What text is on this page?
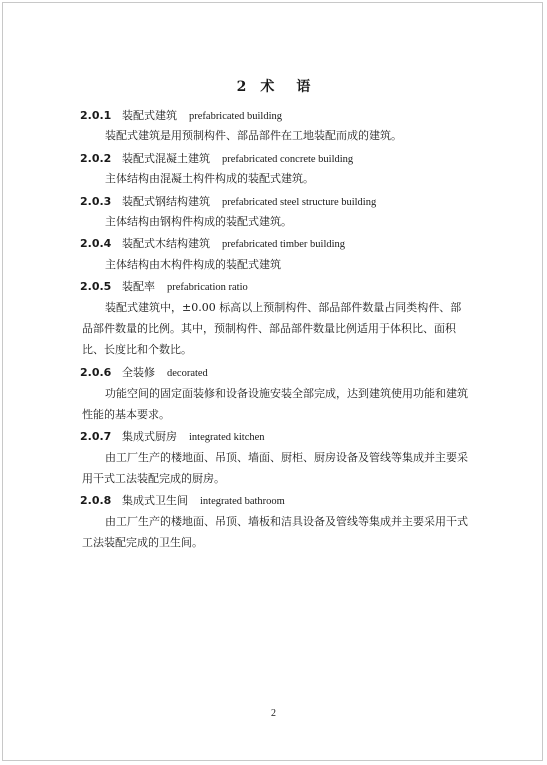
2 术 语
2.0.1 装配式建筑 prefabricated building
装配式建筑是用预制构件、部品部件在工地装配而成的建筑。
2.0.2 装配式混凝土建筑 prefabricated concrete building
主体结构由混凝土构件构成的装配式建筑。
2.0.3 装配式钢结构建筑 prefabricated steel structure building
主体结构由钢构件构成的装配式建筑。
2.0.4 装配式木结构建筑 prefabricated timber building
主体结构由木构件构成的装配式建筑
2.0.5 装配率 prefabrication ratio
装配式建筑中，±0.00 标高以上预制构件、部品部件数量占同类构件、部品部件数量的比例。其中，预制构件、部品部件数量比例适用于体积比、面积比、长度比和个数比。
2.0.6 全装修 decorated
功能空间的固定面装修和设备设施安装全部完成，达到建筑使用功能和建筑性能的基本要求。
2.0.7 集成式厨房 integrated kitchen
由工厂生产的楼地面、吊顶、墙面、厨柜、厨房设备及管线等集成并主要采用干式工法装配完成的厨房。
2.0.8 集成式卫生间 integrated bathroom
由工厂生产的楼地面、吊顶、墙板和洁具设备及管线等集成并主要采用干式工法装配完成的卫生间。
2
